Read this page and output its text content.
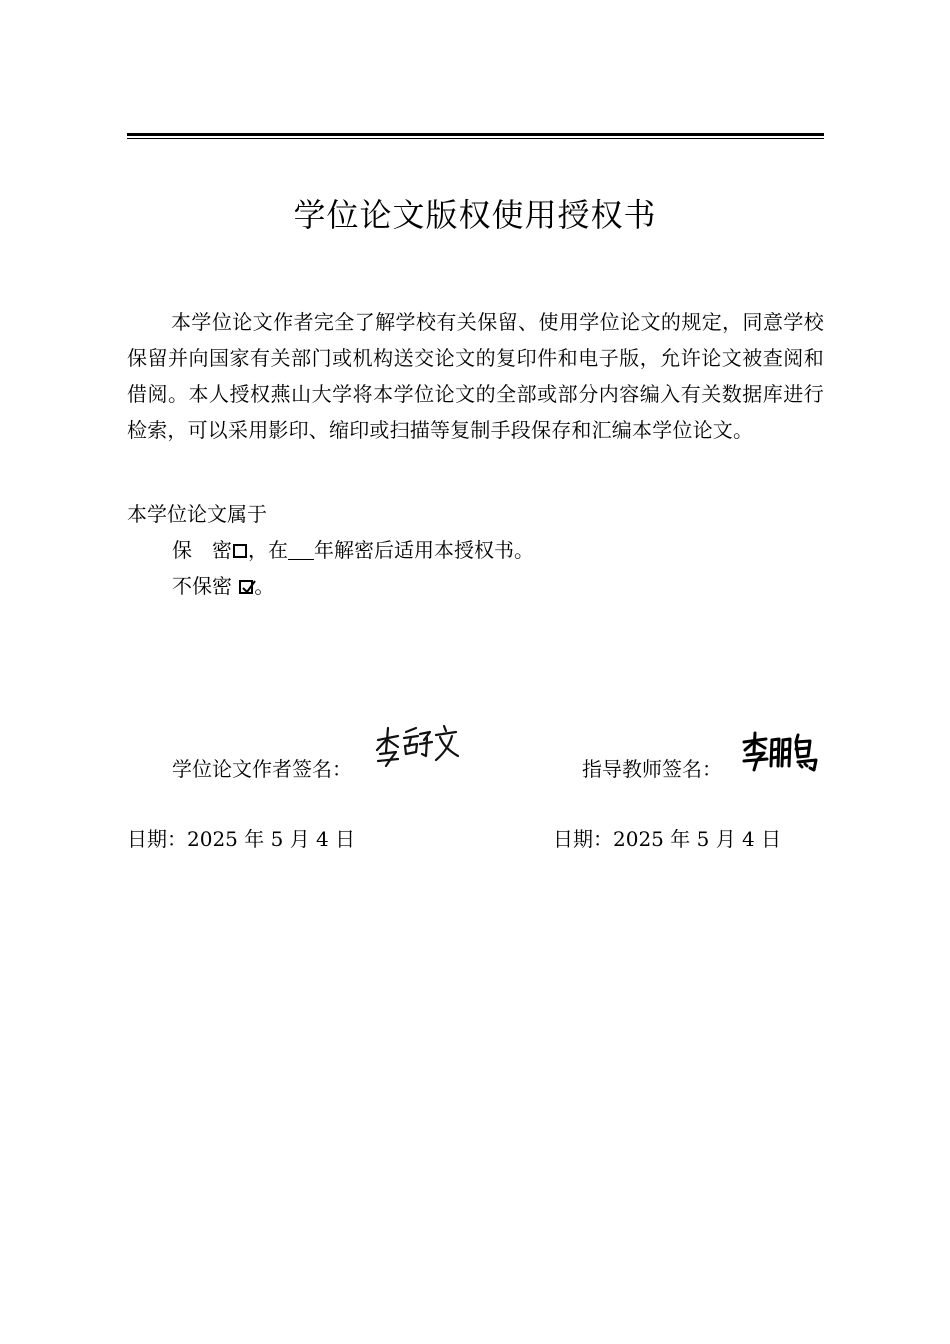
学位论文版权使用授权书

本学位论文作者完全了解学校有关保留、使用学位论文的规定，同意学校保留并向国家有关部门或机构送交论文的复印件和电子版，允许论文被查阅和借阅。本人授权燕山大学将本学位论文的全部或部分内容编入有关数据库进行检索，可以采用影印、缩印或扫描等复制手段保存和汇编本学位论文。

本学位论文属于
保　密 ，在 年解密后适用本授权书。
不保密 。
学位论文作者签名：	指导教师签名：
日期：2025 年 5 月 4 日	日期：2025 年 5 月 4 日
